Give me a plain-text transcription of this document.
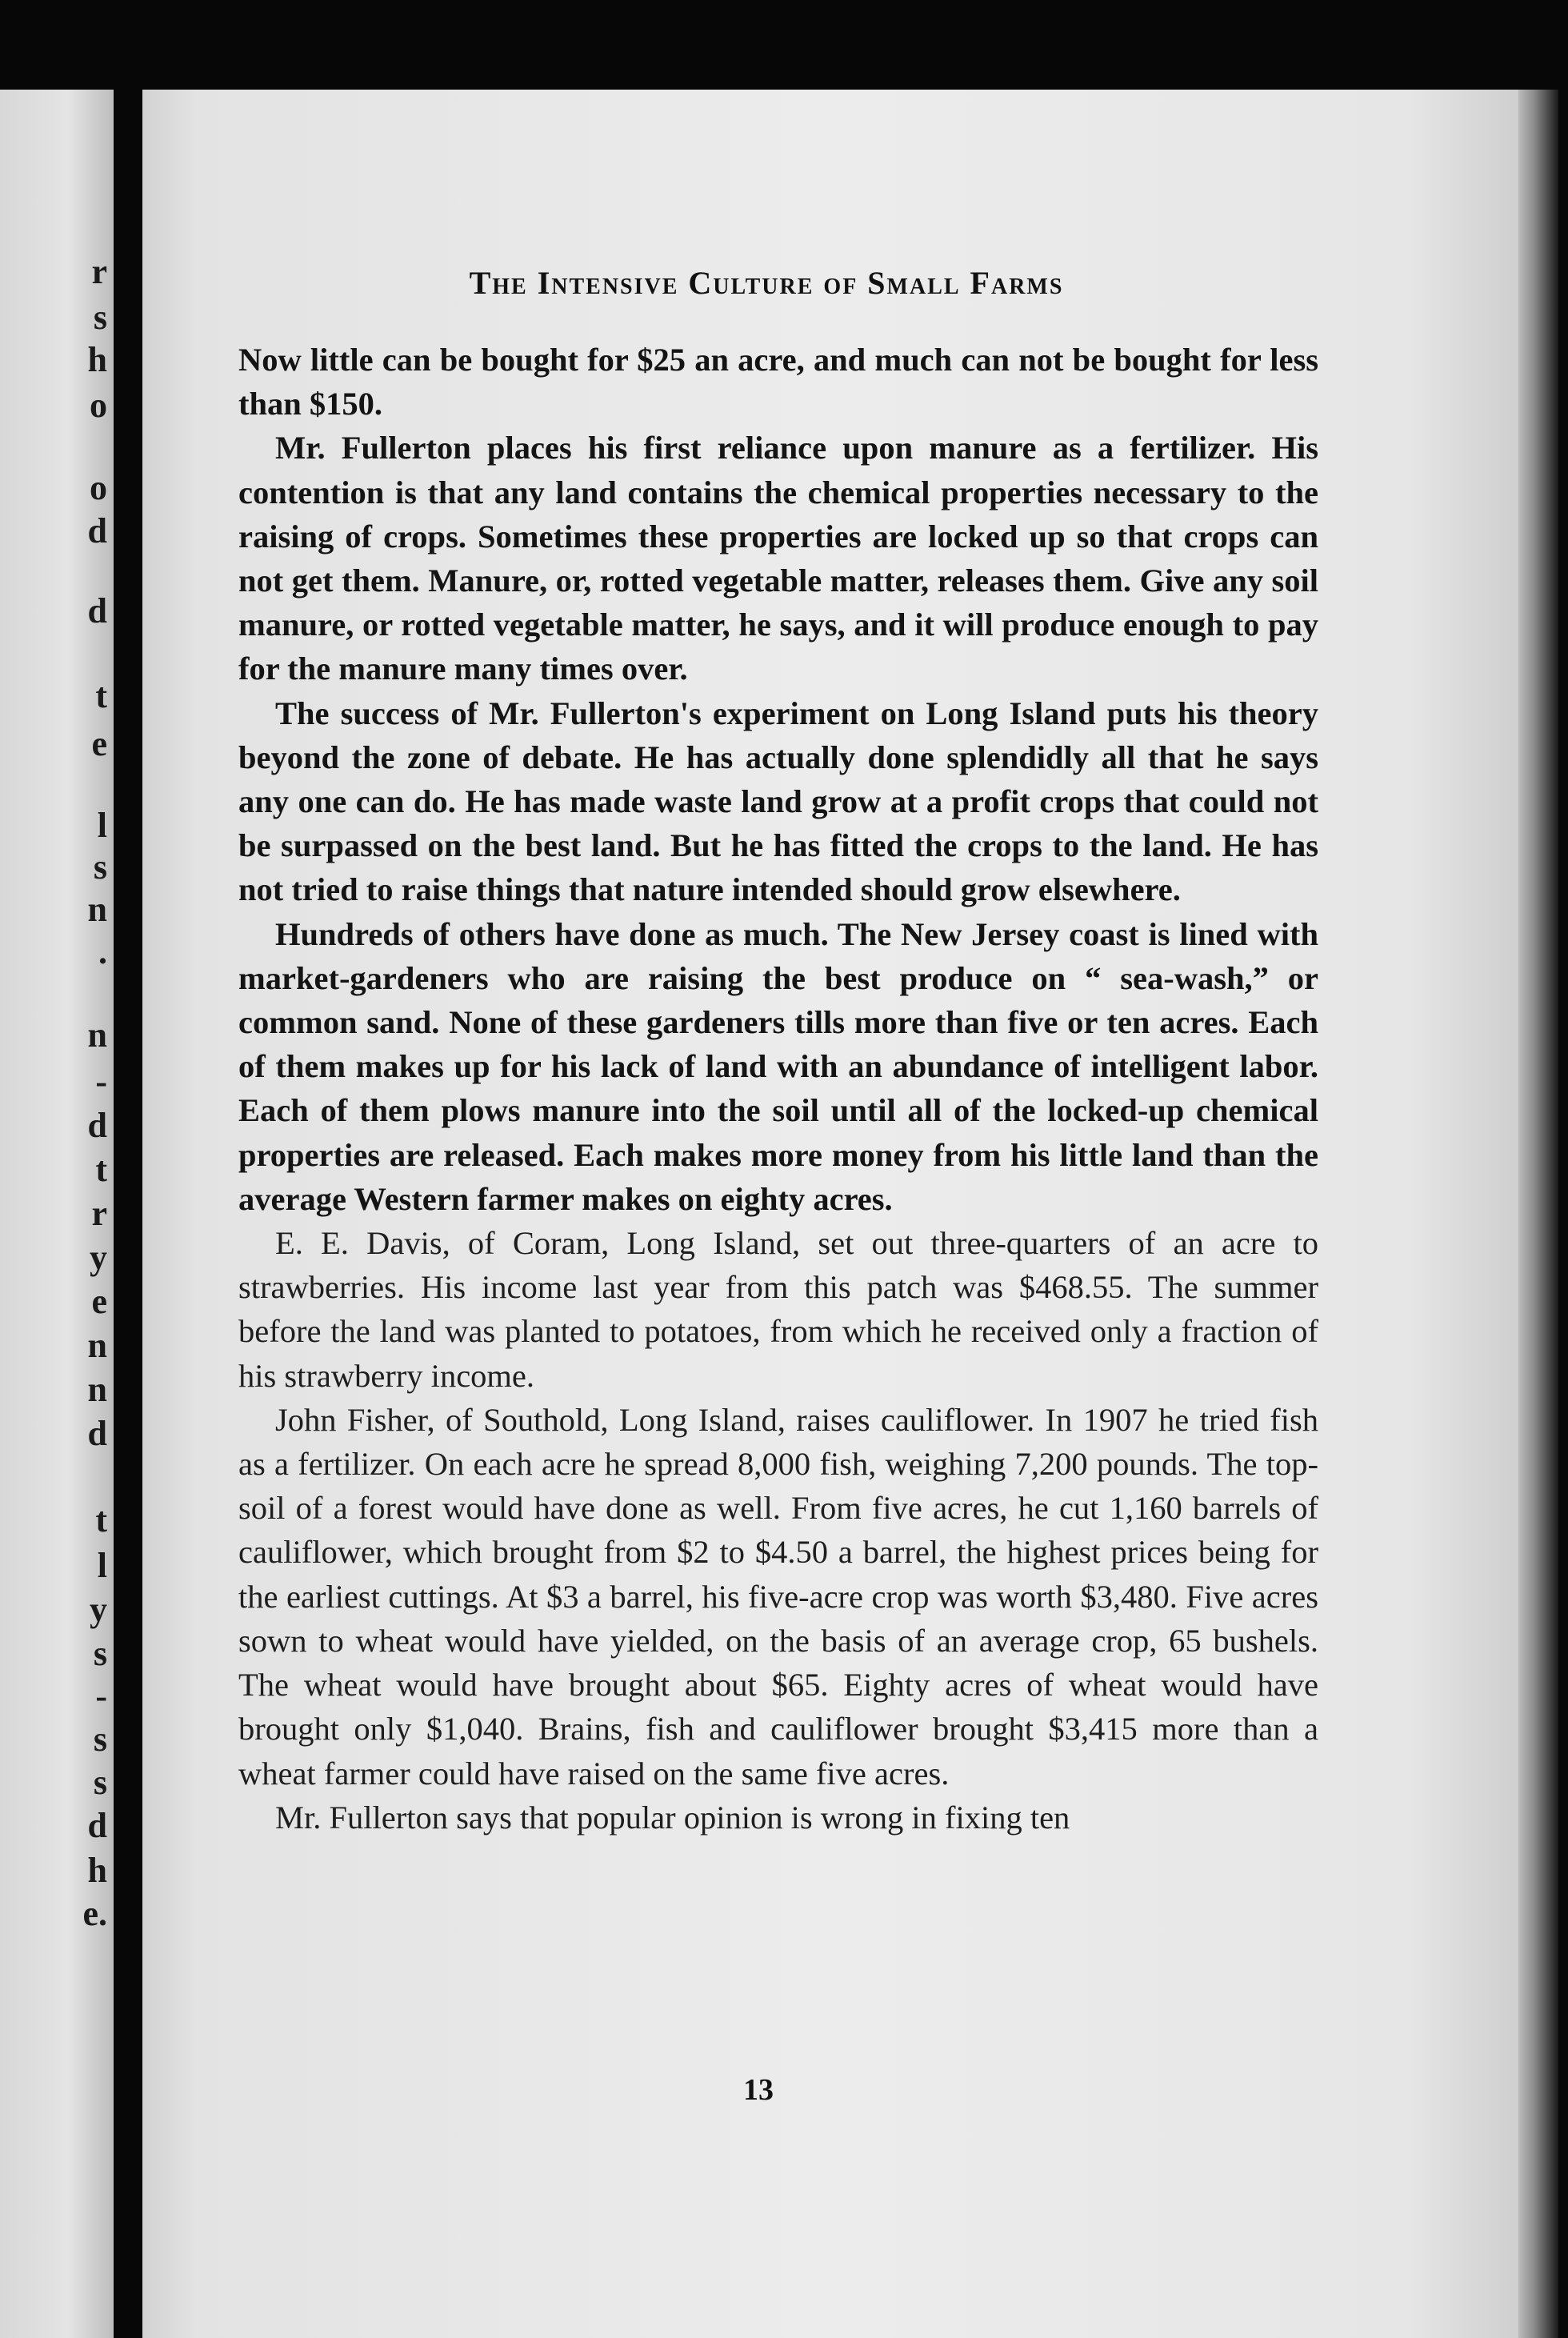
r
s
h
o
o
d
d
t
e
l
s
n
.
n
-
d
t
r
y
e
n
n
d
t
l
y
s
-
s
s
d
h
e.
The Intensive Culture of Small Farms

Now little can be bought for $25 an acre, and much can not be bought for less than $150.

Mr. Fullerton places his first reliance upon manure as a fertilizer. His contention is that any land contains the chemical properties necessary to the raising of crops. Sometimes these properties are locked up so that crops can not get them. Manure, or, rotted vegetable matter, releases them. Give any soil manure, or rotted vegetable matter, he says, and it will produce enough to pay for the manure many times over.

The success of Mr. Fullerton's experiment on Long Island puts his theory beyond the zone of debate. He has actually done splendidly all that he says any one can do. He has made waste land grow at a profit crops that could not be surpassed on the best land. But he has fitted the crops to the land. He has not tried to raise things that nature intended should grow elsewhere.

Hundreds of others have done as much. The New Jersey coast is lined with market-gardeners who are raising the best produce on “ sea-wash,” or common sand. None of these gardeners tills more than five or ten acres. Each of them makes up for his lack of land with an abundance of intelligent labor. Each of them plows manure into the soil until all of the locked-up chemical properties are released. Each makes more money from his little land than the average Western farmer makes on eighty acres.

E. E. Davis, of Coram, Long Island, set out three-quarters of an acre to strawberries. His income last year from this patch was $468.55. The summer before the land was planted to potatoes, from which he received only a fraction of his strawberry income.

John Fisher, of Southold, Long Island, raises cauliflower. In 1907 he tried fish as a fertilizer. On each acre he spread 8,000 fish, weighing 7,200 pounds. The top-soil of a forest would have done as well. From five acres, he cut 1,160 barrels of cauliflower, which brought from $2 to $4.50 a barrel, the highest prices being for the earliest cuttings. At $3 a barrel, his five-acre crop was worth $3,480. Five acres sown to wheat would have yielded, on the basis of an average crop, 65 bushels. The wheat would have brought about $65. Eighty acres of wheat would have brought only $1,040. Brains, fish and cauliflower brought $3,415 more than a wheat farmer could have raised on the same five acres.

Mr. Fullerton says that popular opinion is wrong in fixing ten

13
